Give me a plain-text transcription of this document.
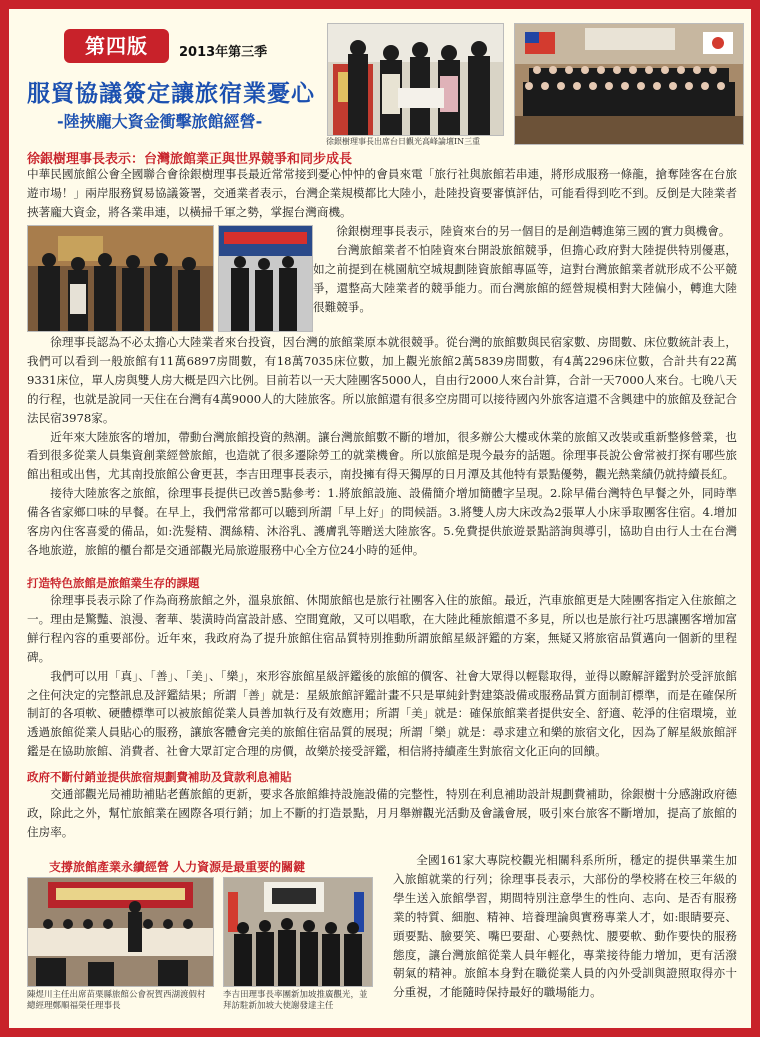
第四版	2013年第三季
服貿協議簽定讓旅宿業憂心
-陸挾龐大資金衝擊旅館經營-
徐銀樹理事長出席台日觀光高峰論壇IN三重
徐銀樹理事長表示：台灣旅館業正與世界競爭和同步成長

中華民國旅館公會全國聯合會徐銀樹理事長最近常常接到憂心忡忡的會員來電「旅行社與旅館若串連，將形成服務一條龍，搶奪陸客在台旅遊市場！」兩岸服務貿易協議簽署，交通業者表示，台灣企業規模都比大陸小，赴陸投資要審慎評估，可能看得到吃不到。反倒是大陸業者挾著龐大資金，將各業串連，以橫掃千軍之勢，掌握台灣商機。

徐銀樹理事長表示，陸資來台的另一個目的是創造轉進第三國的實力與機會。

台灣旅館業者不怕陸資來台開設旅館競爭，但擔心政府對大陸提供特別優惠，如之前提到在桃園航空城規劃陸資旅館專區等，這對台灣旅館業者就形成不公平競爭，還整高大陸業者的競爭能力。而台灣旅館的經營規模相對大陸偏小，轉進大陸很難競爭。

徐理事長認為不必太擔心大陸業者來台投資，因台灣的旅館業原本就很競爭。從台灣的旅館數與民宿家數、房間數、床位數統計表上，我們可以看到一般旅館有11萬6897房間數，有18萬7035床位數，加上觀光旅館2萬5839房間數，有4萬2296床位數，合計共有22萬9331床位，單人房與雙人房大概是四六比例。目前若以一天大陸團客5000人，自由行2000人來台計算，合計一天7000人來台。七晚八天的行程，也就是說同一天住在台灣有4萬9000人的大陸旅客。所以旅館還有很多空房間可以接待國內外旅客這還不含興建中的旅館及登記合法民宿3978家。

近年來大陸旅客的增加，帶動台灣旅館投資的熱潮。讓台灣旅館數不斷的增加，很多辦公大樓或休業的旅館又改裝或重新整修營業，也看到很多從業人員集資創業經營旅館，也造就了很多遷除勞工的就業機會。所以旅館是現今最夯的話題。徐理事長說公會常被打探有哪些旅館出租或出售，尤其南投旅館公會更甚，李吉田理事長表示，南投擁有得天獨厚的日月潭及其他特有景點優勢，觀光熱業績仍就持續長紅。

接待大陸旅客之旅館，徐理事長提供已改善5點參考：1.將旅館設施、設備簡介增加簡體字呈現。2.除早備台灣特色早餐之外，同時準備各省家鄉口味的早餐。在早上，我們常常都可以聽到所謂「早上好」的問候語。3.將雙人房大床改為2張單人小床爭取團客住宿。4.增加客房內住客喜愛的備品，如:洗髮精、潤絲精、沐浴乳、護膚乳等贈送大陸旅客。5.免費提供旅遊景點諮詢與導引，協助自由行人士在台灣各地旅遊，旅館的櫃台都是交通部觀光局旅遊服務中心全方位24小時的延伸。

打造特色旅館是旅館業生存的課題

徐理事長表示除了作為商務旅館之外，溫泉旅館、休閒旅館也是旅行社團客入住的旅館。最近，汽車旅館更是大陸團客指定入住旅館之一。理由是驚豔、浪漫、奢華、裝潢時尚富設計感、空間寬敞，又可以唱歌，在大陸此種旅館還不多見，所以也是旅行社巧思讓團客增加富鮮行程內容的重要部份。近年來，我政府為了提升旅館住宿品質特別推動所謂旅館星級評鑑的方案，無疑又將旅宿品質邁向一個新的里程碑。

我們可以用「真」、「善」、「美」、「樂」，來形容旅館星級評鑑後的旅館的價客、社會大眾得以輕鬆取得，並得以瞭解評鑑對於受評旅館之住何決定的完整訊息及評鑑結果；所謂「善」就是：星級旅館評鑑計畫不只是單純針對建築設備或服務品質方面制訂標準，而是在確保所制訂的各項軟、硬體標準可以被旅館從業人員善加執行及有效應用；所謂「美」就是：確保旅館業者提供安全、舒適、乾淨的住宿環境，並透過旅館從業人員貼心的服務，讓旅客體會完美的旅館住宿品質的展現；所謂「樂」就是：尋求建立和樂的旅宿文化，因為了解星級旅館評鑑是在協助旅館、消費者、社會大眾訂定合理的房價，故樂於接受評鑑，相信將持續產生對旅宿文化正向的回饋。

政府不斷付銷並提供旅宿規劃費補助及貸款利息補貼

交通部觀光局補助補貼老舊旅館的更新，要求各旅館維持設施設備的完整性，特別在利息補助設計規劃費補助，徐銀樹十分感謝政府德政，除此之外，幫忙旅館業在國際各項行銷；加上不斷的打造景點，月月舉辦觀光活動及會議會展，吸引來台旅客不斷增加，提高了旅館的住房率。

支撐旅館產業永續經營 人力資源是最重要的關鍵
陳煜川主任出席苗栗縣旅館公會祝賀西湖渡假村總經理鄭順福榮任理事長
李吉田理事長率團新加坡推廣觀光，並拜訪駐新加坡大使謝發達主任

全國161家大專院校觀光相關科系所所，穩定的提供畢業生加入旅館就業的行列；徐理事長表示，大部份的學校將在校三年級的學生送入旅館學習，期間特別注意學生的性向、志向、是否有服務業的特質、細胞、精神、培養理論與實務專業人才，如:眼睛要亮、頭要點、臉要笑、嘴巴要甜、心要熱忱、腰要軟、動作要快的服務態度，讓台灣旅館從業人員年輕化，專業接待能力增加，更有活潑朝氣的精神。旅館本身對在職從業人員的內外受訓與證照取得亦十分重視，才能隨時保持最好的職場能力。
